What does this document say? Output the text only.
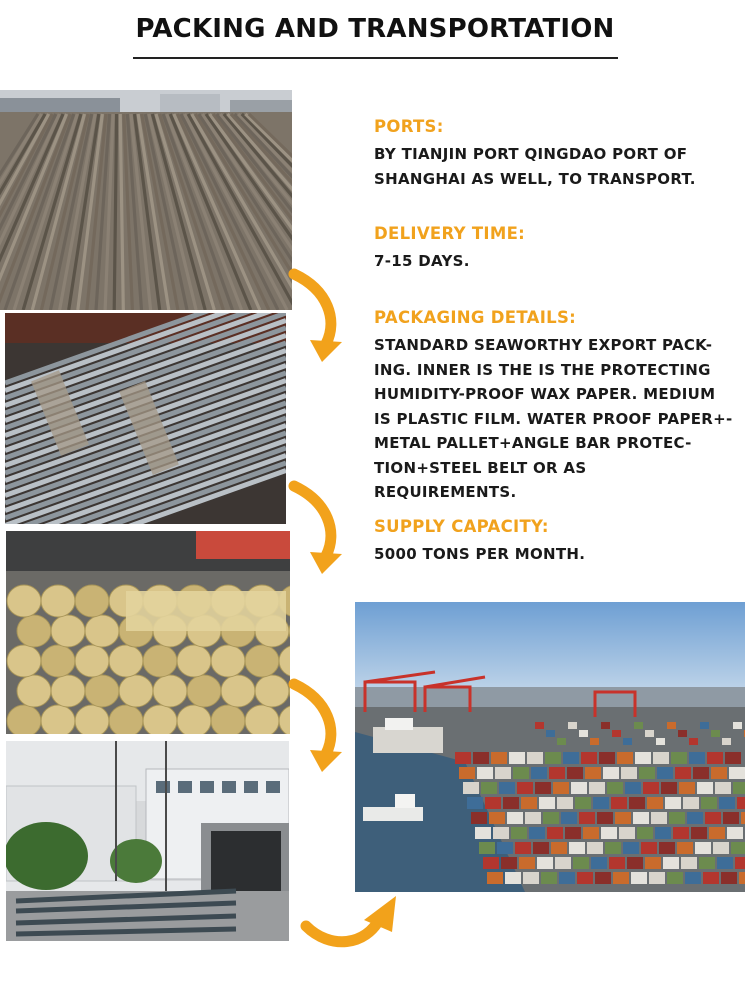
PACKING AND TRANSPORTATION
PORTS:
BY TIANJIN PORT QINGDAO PORT OF
SHANGHAI AS WELL, TO TRANSPORT.
DELIVERY TIME:
7-15 DAYS.
PACKAGING DETAILS:
STANDARD SEAWORTHY EXPORT PACK-
ING. INNER IS THE IS THE PROTECTING
HUMIDITY-PROOF WAX PAPER. MEDIUM
IS PLASTIC FILM. WATER PROOF PAPER+-
METAL PALLET+ANGLE BAR PROTEC-
TION+STEEL BELT OR AS REQUIREMENTS.
SUPPLY CAPACITY:
5000 TONS PER MONTH.
